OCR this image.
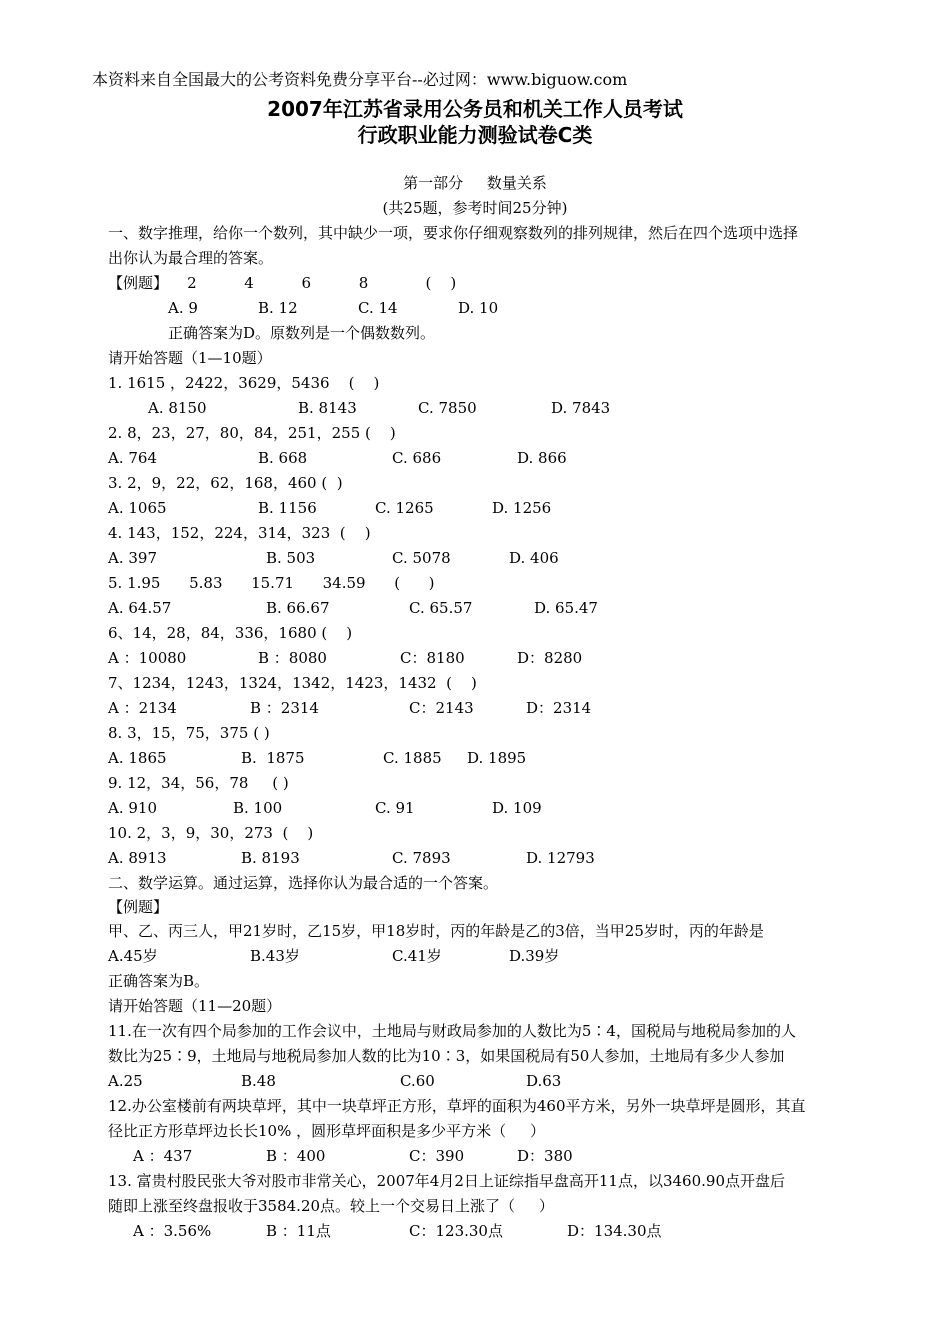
本资料来自全国最大的公考资料免费分享平台--必过网：www.biguow.com
2007年江苏省录用公务员和机关工作人员考试
行政职业能力测验试卷C类
第一部分     数量关系
(共25题，参考时间25分钟)
一、数字推理，给你一个数列，其中缺少一项，要求你仔细观察数列的排列规律，然后在四个选项中选择
出你认为最合理的答案。
【例题】    2          4          6          8            (    )
A. 9	B. 12	C. 14	D. 10
正确答案为D。原数列是一个偶数数列。
请开始答题（1—10题）
1. 1615 ，2422，3629，5436    (    )
A. 8150	B. 8143	C. 7850	D. 7843
2. 8，23，27，80，84，251，255 (    )
A. 764	B. 668	C. 686	D. 866
3. 2，9，22，62，168，460 (  )
A. 1065	B. 1156	C. 1265	D. 1256
4. 143，152，224，314，323  (    )
A. 397	B. 503	C. 5078	D. 406
5. 1.95      5.83      15.71      34.59      (      )
A. 64.57	B. 66.67	C. 65.57	D. 65.47
6、14，28，84，336，1680 (    )
A ：10080	B ：8080	C：8180	D：8280
7、1234，1243，1324，1342，1423，1432  (    )
A ：2134	B ：2314	C：2143	D：2314
8. 3，15，75，375 ( )
A. 1865	B.  1875	C. 1885 D. 1895
9. 12，34，56，78     ( )
A. 910	B. 100	C. 91	D. 109
10. 2，3，9，30，273  (    )
A. 8913	B. 8193	C. 7893	D. 12793
二、数学运算。通过运算，选择你认为最合适的一个答案。
【例题】
甲、乙、丙三人，甲21岁时，乙15岁，甲18岁时，丙的年龄是乙的3倍，当甲25岁时，丙的年龄是
A.45岁	B.43岁	C.41岁	D.39岁
正确答案为B。
请开始答题（11—20题）
11.在一次有四个局参加的工作会议中，土地局与财政局参加的人数比为5∶4，国税局与地税局参加的人
数比为25∶9，土地局与地税局参加人数的比为10∶3，如果国税局有50人参加，土地局有多少人参加
A.25	B.48	C.60	D.63
12.办公室楼前有两块草坪，其中一块草坪正方形，草坪的面积为460平方米，另外一块草坪是圆形，其直
径比正方形草坪边长长10% ，圆形草坪面积是多少平方米（     ）
A ：437	B ：400	C：390	D：380
13. 富贵村股民张大爷对股市非常关心，2007年4月2日上证综指早盘高开11点，以3460.90点开盘后
随即上涨至终盘报收于3584.20点。较上一个交易日上涨了（     ）
A ：3.56%	B ：11点	C：123.30点	D：134.30点
